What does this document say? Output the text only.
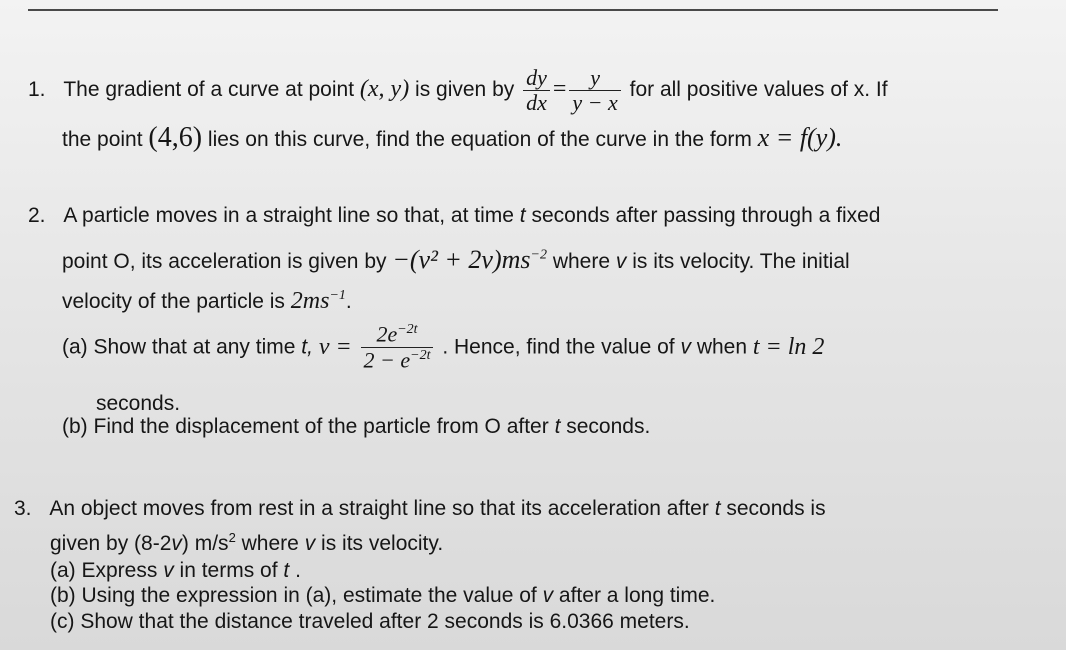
1. The gradient of a curve at point (x, y) is given by $\frac{dy}{dx} = \frac{y}{y - x}$ for all positive values of x. If
the point (4,6) lies on this curve, find the equation of the curve in the form x = f(y).
2. A particle moves in a straight line so that, at time t seconds after passing through a fixed
point O, its acceleration is given by $-(v^2 + 2v)ms^{-2}$ where v is its velocity. The initial
velocity of the particle is $2ms^{-1}$.
(a) Show that at any time t, $v = \frac{2e^{-2t}}{2 - e^{-2t}}$ . Hence, find the value of v when t = ln 2
seconds.
(b) Find the displacement of the particle from O after t seconds.
3. An object moves from rest in a straight line so that its acceleration after t seconds is
given by (8-2v) $m/s^2$ where v is its velocity.
(a) Express v in terms of t .
(b) Using the expression in (a), estimate the value of v after a long time.
(c) Show that the distance traveled after 2 seconds is 6.0366 meters.
